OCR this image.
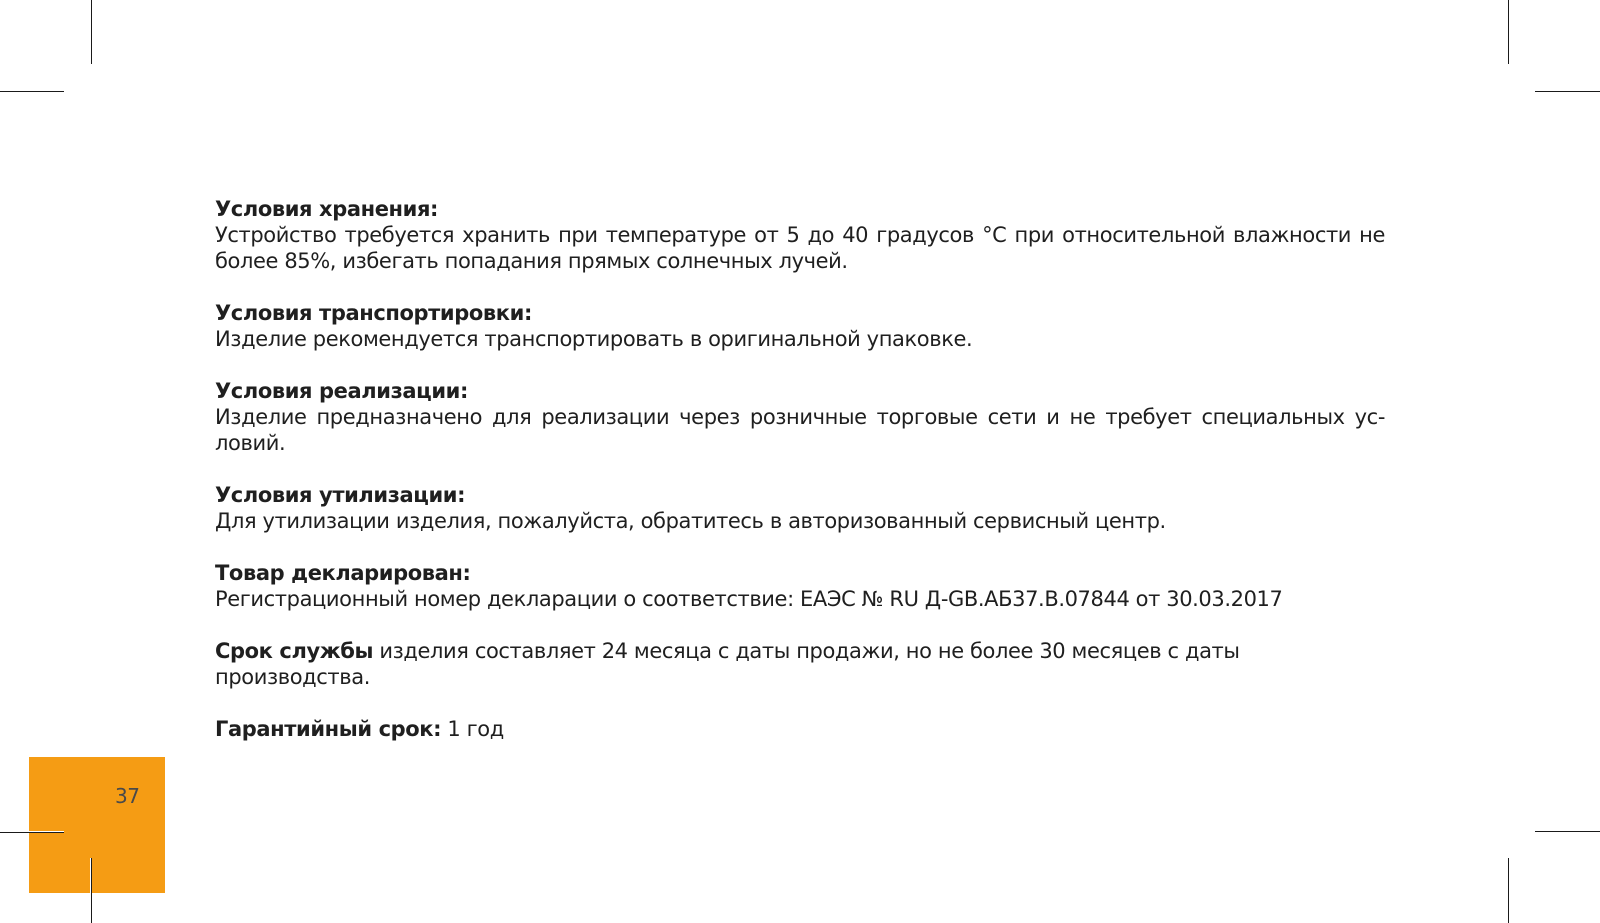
37

Условия хранения:

Устройство требуется хранить при температуре от 5 до 40 градусов °С при относительной влажности не более 85%, избегать попадания прямых солнечных лучей.

Условия транспортировки:

Изделие рекомендуется транспортировать в оригинальной упаковке.

Условия реализации:

Изделие предназначено для реализации через розничные торговые сети и не требует специальных ус-ловий.

Условия утилизации:

Для утилизации изделия, пожалуйста, обратитесь в авторизованный сервисный центр.

Товар декларирован:

Регистрационный номер декларации о соответствие: ЕАЭС № RU Д-GB.АБ37.В.07844 от 30.03.2017

Срок службы изделия составляет 24 месяца с даты продажи, но не более 30 месяцев с даты производства.

Гарантийный срок: 1 год
